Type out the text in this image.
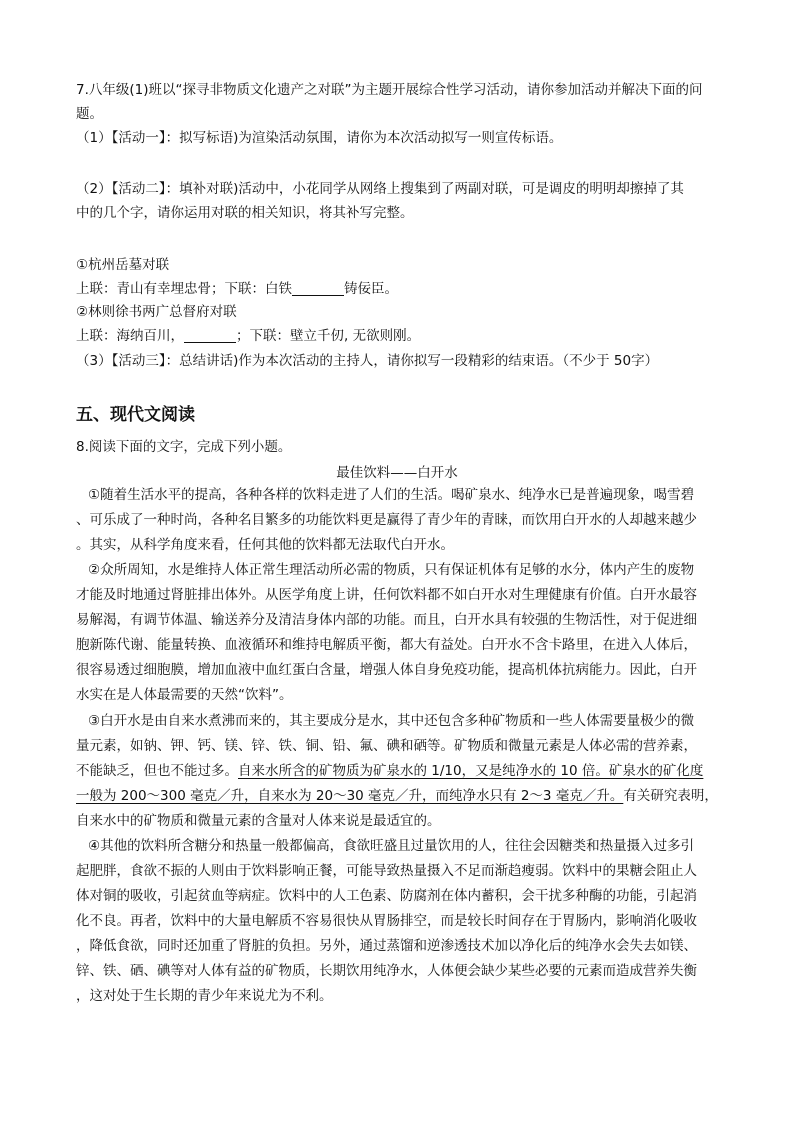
7.八年级(1)班以“探寻非物质文化遗产之对联”为主题开展综合性学习活动，请你参加活动并解决下面的问
题。
（1）【活动一】：拟写标语)为渲染活动氛围，请你为本次活动拟写一则宣传标语。
（2）【活动二】：填补对联)活动中，小花同学从网络上搜集到了两副对联，可是调皮的明明却擦掉了其
中的几个字，请你运用对联的相关知识，将其补写完整。
①杭州岳墓对联
上联：青山有幸埋忠骨；下联：白铁	铸佞臣。
②林则徐书两广总督府对联
上联：海纳百川，	；下联：壁立千仞, 无欲则刚。
（3）【活动三】：总结讲话)作为本次活动的主持人，请你拟写一段精彩的结束语。（不少于 50字）
五、现代文阅读
8.阅读下面的文字，完成下列小题。
最佳饮料——白开水
①随着生活水平的提高，各种各样的饮料走进了人们的生活。喝矿泉水、纯净水已是普遍现象，喝雪碧
、可乐成了一种时尚，各种名目繁多的功能饮料更是赢得了青少年的青睐，而饮用白开水的人却越来越少
。其实，从科学角度来看，任何其他的饮料都无法取代白开水。
②众所周知，水是维持人体正常生理活动所必需的物质，只有保证机体有足够的水分，体内产生的废物
才能及时地通过肾脏排出体外。从医学角度上讲，任何饮料都不如白开水对生理健康有价值。白开水最容
易解渴，有调节体温、输送养分及清洁身体内部的功能。而且，白开水具有较强的生物活性，对于促进细
胞新陈代谢、能量转换、血液循环和维持电解质平衡，都大有益处。白开水不含卡路里，在进入人体后，
很容易透过细胞膜，增加血液中血红蛋白含量，增强人体自身免疫功能，提高机体抗病能力。因此，白开
水实在是人体最需要的天然“饮料”。
③白开水是由自来水煮沸而来的，其主要成分是水，其中还包含多种矿物质和一些人体需要量极少的微
量元素，如钠、钾、钙、镁、锌、铁、铜、铅、氟、碘和硒等。矿物质和微量元素是人体必需的营养素，
不能缺乏，但也不能过多。自来水所含的矿物质为矿泉水的 1/10，又是纯净水的 10 倍。矿泉水的矿化度
一般为 200～300 毫克／升，自来水为 20～30 毫克／升，而纯净水只有 2～3 毫克／升。有关研究表明，
自来水中的矿物质和微量元素的含量对人体来说是最适宜的。
④其他的饮料所含糖分和热量一般都偏高，食欲旺盛且过量饮用的人，往往会因糖类和热量摄入过多引
起肥胖，食欲不振的人则由于饮料影响正餐，可能导致热量摄入不足而渐趋瘦弱。饮料中的果糖会阻止人
体对铜的吸收，引起贫血等病症。饮料中的人工色素、防腐剂在体内蓄积，会干扰多种酶的功能，引起消
化不良。再者，饮料中的大量电解质不容易很快从胃肠排空，而是较长时间存在于胃肠内，影响消化吸收
，降低食欲，同时还加重了肾脏的负担。另外，通过蒸馏和逆渗透技术加以净化后的纯净水会失去如镁、
锌、铁、硒、碘等对人体有益的矿物质，长期饮用纯净水，人体便会缺少某些必要的元素而造成营养失衡
，这对处于生长期的青少年来说尤为不利。
